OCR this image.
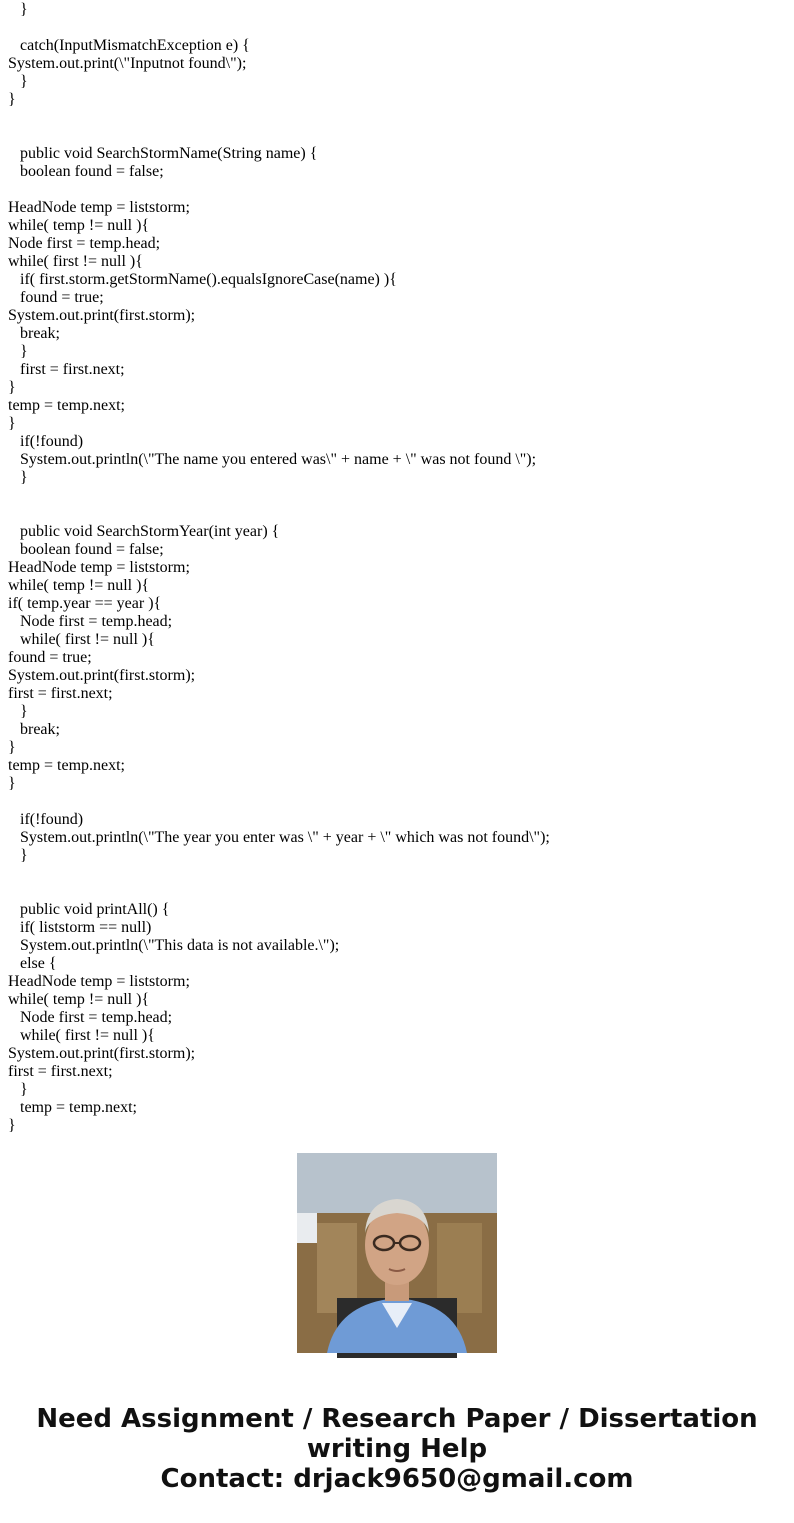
}

catch(InputMismatchException e) {

System.out.print(\"Inputnot found\");

}

}

public void SearchStormName(String name) {

boolean found = false;

HeadNode temp = liststorm;

while( temp != null ){

Node first = temp.head;

while( first != null ){

if( first.storm.getStormName().equalsIgnoreCase(name) ){

found = true;

System.out.print(first.storm);

break;

}

first = first.next;

}

temp = temp.next;

}

if(!found)

System.out.println(\"The name you entered was\" + name + \" was not found \");

}

public void SearchStormYear(int year) {

boolean found = false;

HeadNode temp = liststorm;

while( temp != null ){

if( temp.year == year ){

Node first = temp.head;

while( first != null ){

found = true;

System.out.print(first.storm);

first = first.next;

}

break;

}

temp = temp.next;

}

if(!found)

System.out.println(\"The year you enter was \" + year + \" which was not found\");

}

public void printAll() {

if( liststorm == null)

System.out.println(\"This data is not available.\");

else {

HeadNode temp = liststorm;

while( temp != null ){

Node first = temp.head;

while( first != null ){

System.out.print(first.storm);

first = first.next;

}

temp = temp.next;

}

Need Assignment / Research Paper / Dissertation

writing Help

Contact: drjack9650@gmail.com
